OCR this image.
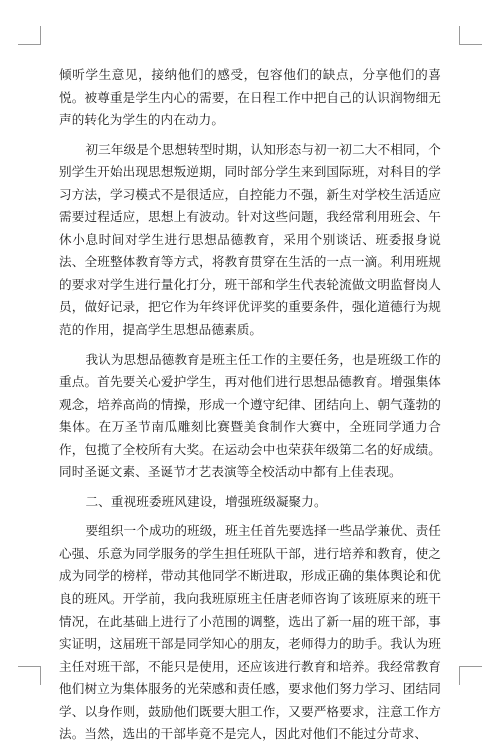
倾听学生意见，接纳他们的感受，包容他们的缺点，分享他们的喜悦。被尊重是学生内心的需要，在日程工作中把自己的认识润物细无声的转化为学生的内在动力。

初三年级是个思想转型时期，认知形态与初一初二大不相同，个别学生开始出现思想叛逆期，同时部分学生来到国际班，对科目的学习方法，学习模式不是很适应，自控能力不强，新生对学校生活适应需要过程适应，思想上有波动。针对这些问题，我经常利用班会、午休小息时间对学生进行思想品德教育，采用个别谈话、班委报身说法、全班整体教育等方式，将教育贯穿在生活的一点一滴。利用班规的要求对学生进行量化打分，班干部和学生代表轮流做文明监督岗人员，做好记录，把它作为年终评优评奖的重要条件，强化道德行为规范的作用，提高学生思想品德素质。

我认为思想品德教育是班主任工作的主要任务，也是班级工作的重点。首先要关心爱护学生，再对他们进行思想品德教育。增强集体观念，培养高尚的情操，形成一个遵守纪律、团结向上、朝气蓬勃的集体。在万圣节南瓜雕刻比赛暨美食制作大赛中，全班同学通力合作，包揽了全校所有大奖。在运动会中也荣获年级第二名的好成绩。同时圣诞文素、圣诞节才艺表演等全校活动中都有上佳表现。

二、重视班委班风建设，增强班级凝聚力。

要组织一个成功的班级，班主任首先要选择一些品学兼优、责任心强、乐意为同学服务的学生担任班队干部，进行培养和教育，使之成为同学的榜样，带动其他同学不断进取，形成正确的集体舆论和优良的班风。开学前，我向我班原班主任唐老师咨询了该班原来的班干情况，在此基础上进行了小范围的调整，选出了新一届的班干部，事实证明，这届班干部是同学知心的朋友，老师得力的助手。我认为班主任对班干部，不能只是使用，还应该进行教育和培养。我经常教育他们树立为集体服务的光荣感和责任感，要求他们努力学习、团结同学、以身作则，鼓励他们既要大胆工作，又要严格要求，注意工作方法。当然，选出的干部毕竟不是完人，因此对他们不能过分苛求、
